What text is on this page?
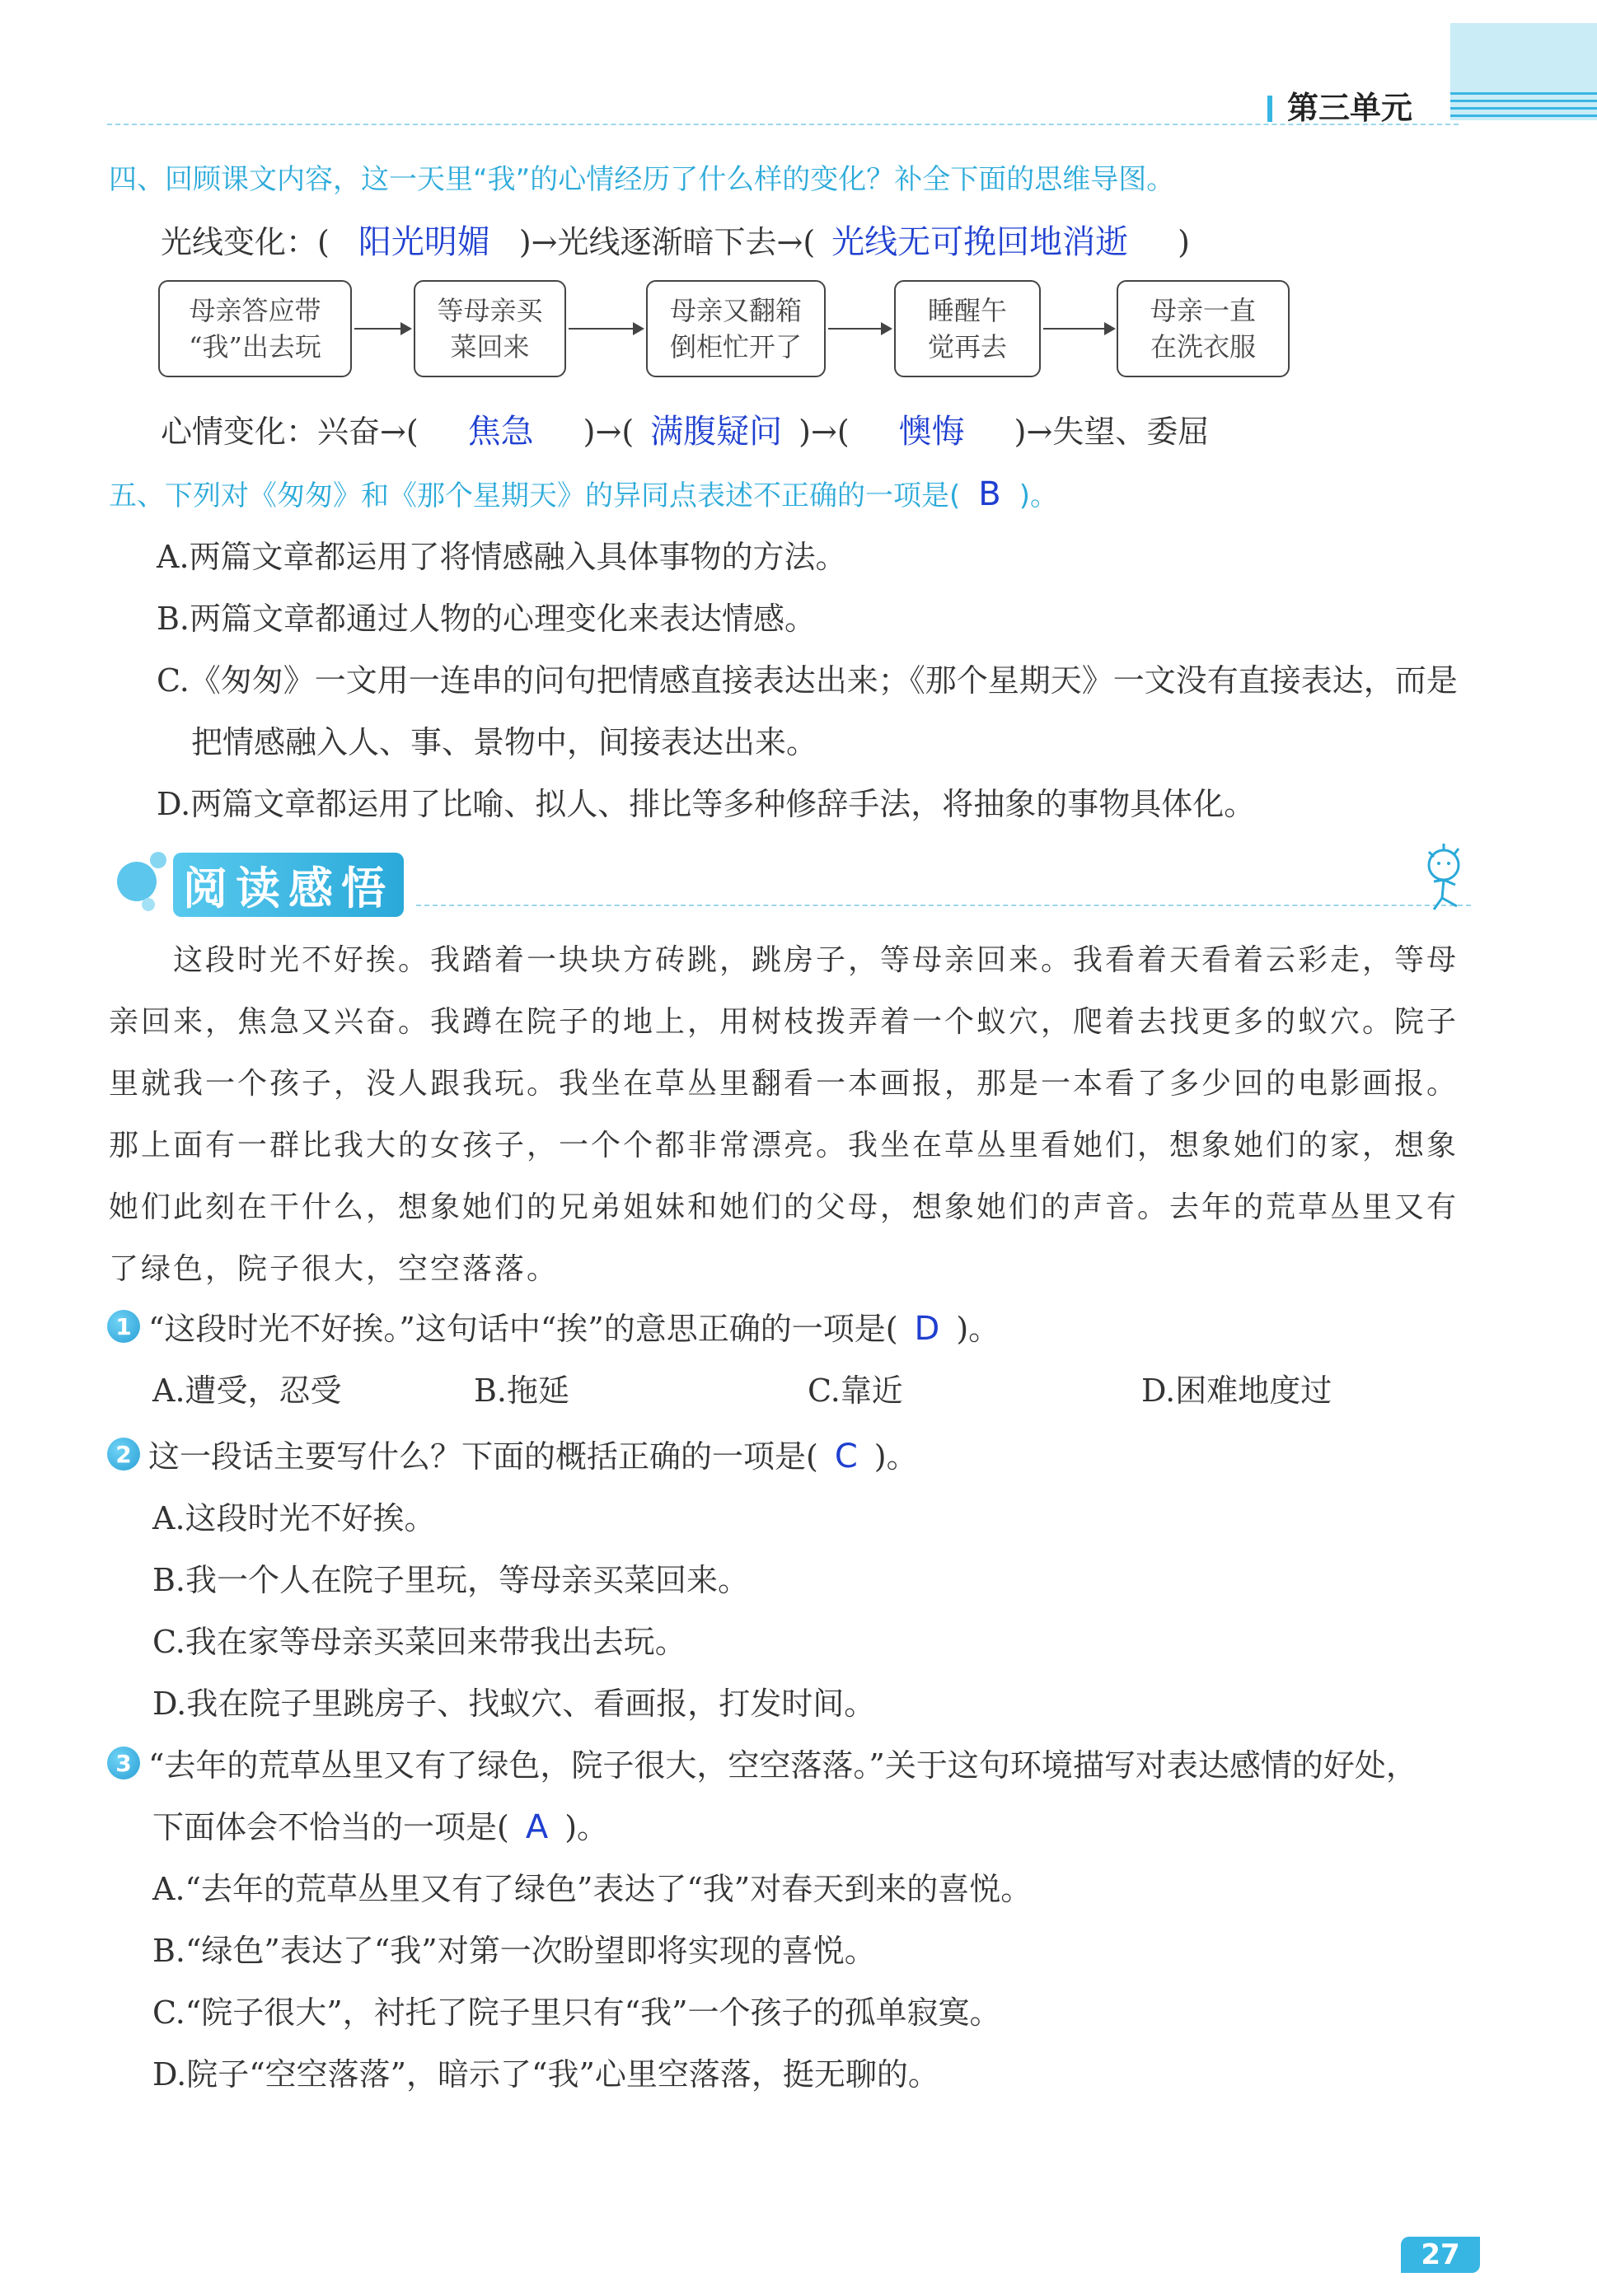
第三单元
四、回顾课文内容，这一天里“我”的心情经历了什么样的变化？补全下面的思维导图。
光线变化：( 阳光明媚 )→光线逐渐暗下去→( 光线无可挽回地消逝 )
母亲答应带
“我”出去玩
等母亲买
菜回来
母亲又翻箱
倒柜忙开了
睡醒午
觉再去
母亲一直
在洗衣服
心情变化：兴奋→( 焦急 )→( 满腹疑问 )→( 懊悔 )→失望、委屈
五、下列对《匆匆》和《那个星期天》的异同点表述不正确的一项是( B )。
A.两篇文章都运用了将情感融入具体事物的方法。
B.两篇文章都通过人物的心理变化来表达情感。
C.《匆匆》一文用一连串的问句把情感直接表达出来；《那个星期天》一文没有直接表达，而是
把情感融入人、事、景物中，间接表达出来。
D.两篇文章都运用了比喻、拟人、排比等多种修辞手法，将抽象的事物具体化。
阅读感悟
　　这段时光不好挨。我踏着一块块方砖跳，跳房子，等母亲回来。我看着天看着云彩走，等母
亲回来，焦急又兴奋。我蹲在院子的地上，用树枝拨弄着一个蚁穴，爬着去找更多的蚁穴。院子
里就我一个孩子，没人跟我玩。我坐在草丛里翻看一本画报，那是一本看了多少回的电影画报。
那上面有一群比我大的女孩子，一个个都非常漂亮。我坐在草丛里看她们，想象她们的家，想象
她们此刻在干什么，想象她们的兄弟姐妹和她们的父母，想象她们的声音。去年的荒草丛里又有
了绿色，院子很大，空空落落。
1 “这段时光不好挨。”这句话中“挨”的意思正确的一项是( D )。
A.遭受，忍受	B.拖延	C.靠近	D.困难地度过
2 这一段话主要写什么？下面的概括正确的一项是( C )。
A.这段时光不好挨。
B.我一个人在院子里玩，等母亲买菜回来。
C.我在家等母亲买菜回来带我出去玩。
D.我在院子里跳房子、找蚁穴、看画报，打发时间。
3 “去年的荒草丛里又有了绿色，院子很大，空空落落。”关于这句环境描写对表达感情的好处，
下面体会不恰当的一项是( A )。
A.“去年的荒草丛里又有了绿色”表达了“我”对春天到来的喜悦。
B.“绿色”表达了“我”对第一次盼望即将实现的喜悦。
C.“院子很大”，衬托了院子里只有“我”一个孩子的孤单寂寞。
D.院子“空空落落”，暗示了“我”心里空落落，挺无聊的。
27
